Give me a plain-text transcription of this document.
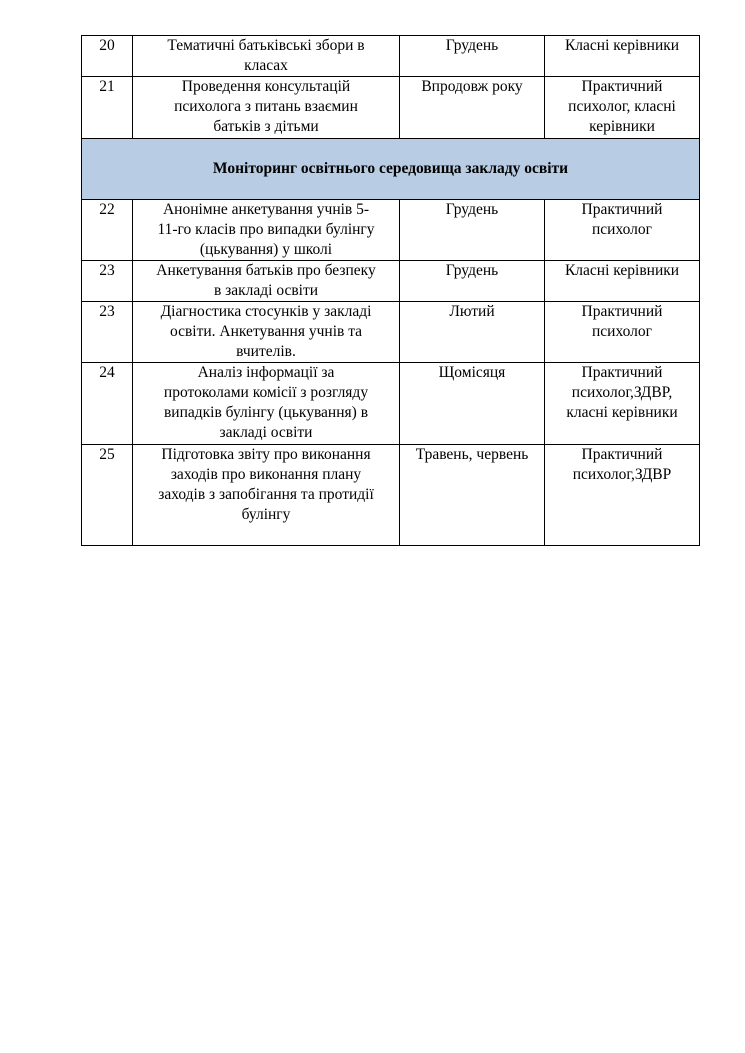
20	Тематичні батьківські збори в
класах	Грудень	Класні керівники

21	Проведення консультацій
психолога з питань взаємин
батьків з дітьми	Впродовж року	Практичний
психолог, класні
керівники

Моніторинг освітнього середовища закладу освіти			
22	Анонімне анкетування учнів 5-
11-го класів про випадки булінгу
(цькування) у школі	Грудень	Практичний
психолог

23	Анкетування батьків про безпеку
в закладі освіти	Грудень	Класні керівники

23	Діагностика стосунків у закладі
освіти. Анкетування учнів та
вчителів.	Лютий	Практичний
психолог

24	Аналіз інформації за
протоколами комісії з розгляду
випадків булінгу (цькування) в
закладі освіти	Щомісяця	Практичний
психолог,ЗДВР,
класні керівники

25	Підготовка звіту про виконання
заходів про виконання плану
заходів з запобігання та протидії
булінгу	Травень, червень	Практичний
психолог,ЗДВР
